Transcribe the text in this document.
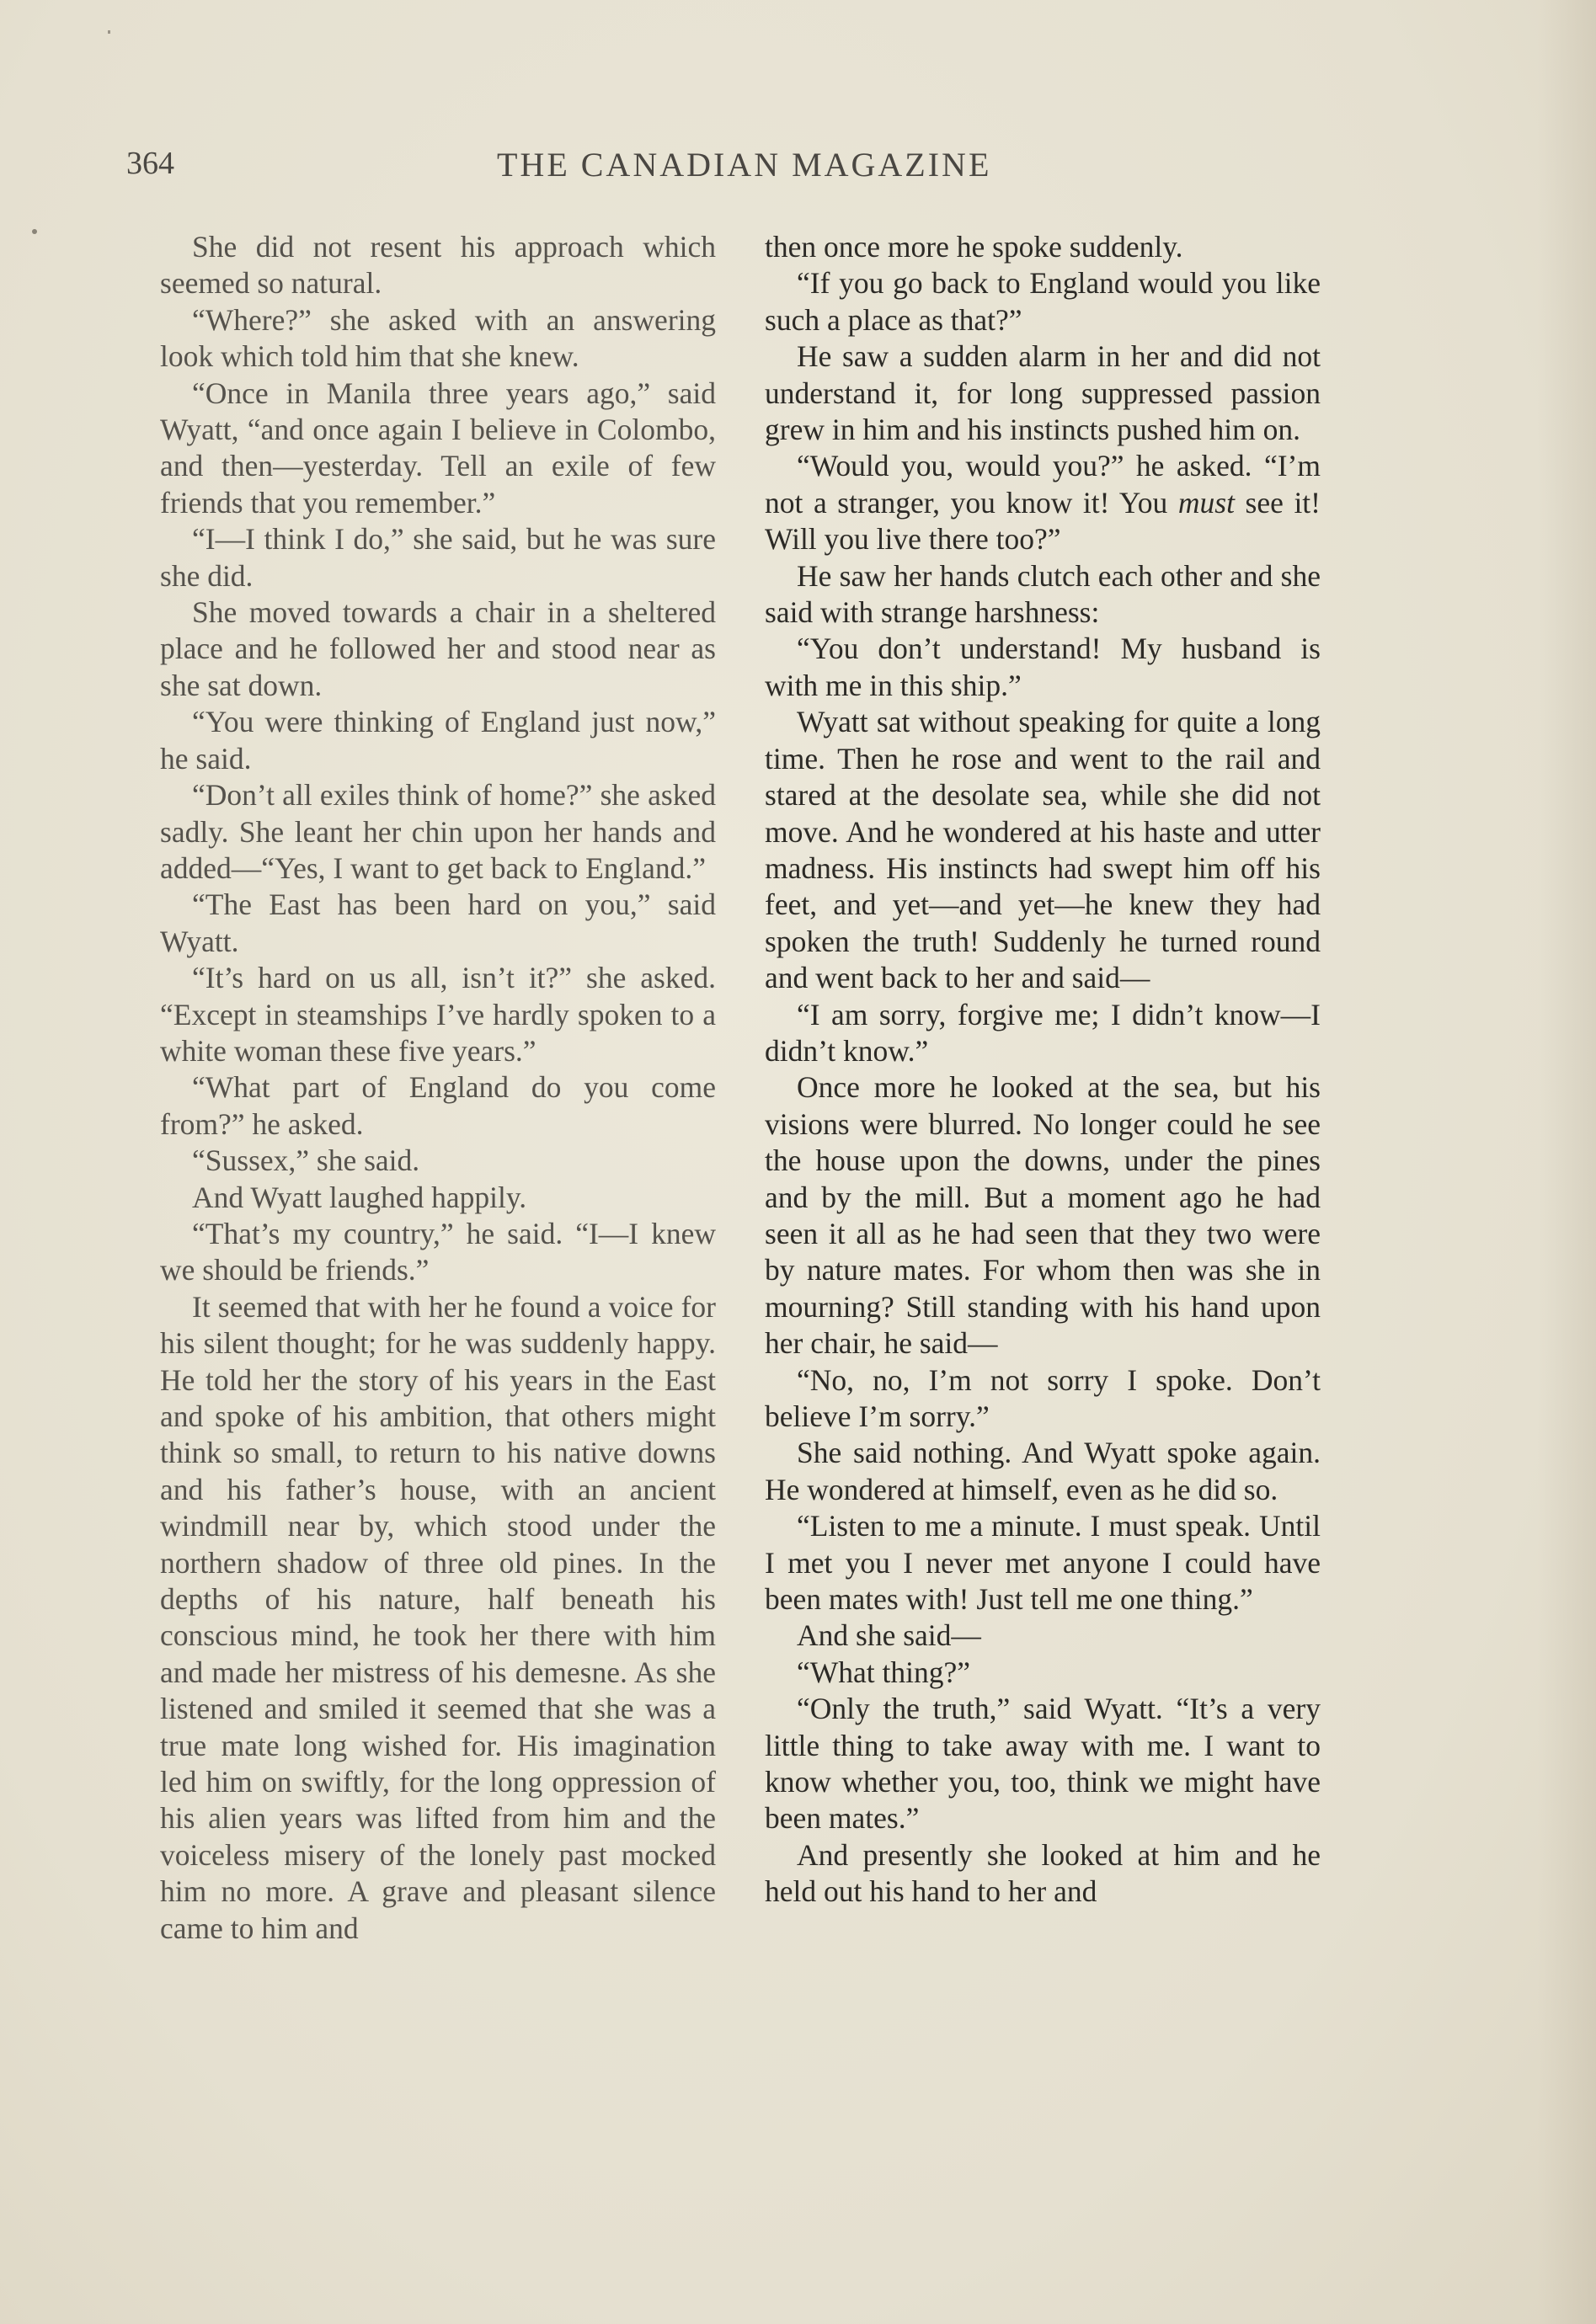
364	THE CANADIAN MAGAZINE

She did not resent his approach which seemed so natural.

“Where?” she asked with an answering look which told him that she knew.

“Once in Manila three years ago,” said Wyatt, “and once again I believe in Colombo, and then—yesterday. Tell an exile of few friends that you remember.”

“I—I think I do,” she said, but he was sure she did.

She moved towards a chair in a sheltered place and he followed her and stood near as she sat down.

“You were thinking of England just now,” he said.

“Don’t all exiles think of home?” she asked sadly. She leant her chin upon her hands and added—“Yes, I want to get back to England.”

“The East has been hard on you,” said Wyatt.

“It’s hard on us all, isn’t it?” she asked. “Except in steamships I’ve hardly spoken to a white woman these five years.”

“What part of England do you come from?” he asked.

“Sussex,” she said.

And Wyatt laughed happily.

“That’s my country,” he said. “I—I knew we should be friends.”

It seemed that with her he found a voice for his silent thought; for he was suddenly happy. He told her the story of his years in the East and spoke of his ambition, that others might think so small, to return to his native downs and his father’s house, with an ancient windmill near by, which stood under the northern shadow of three old pines. In the depths of his nature, half beneath his conscious mind, he took her there with him and made her mistress of his demesne. As she listened and smiled it seemed that she was a true mate long wished for. His imagination led him on swiftly, for the long oppression of his alien years was lifted from him and the voiceless misery of the lonely past mocked him no more. A grave and pleasant silence came to him and

then once more he spoke suddenly.

“If you go back to England would you like such a place as that?”

He saw a sudden alarm in her and did not understand it, for long suppressed passion grew in him and his instincts pushed him on.

“Would you, would you?” he asked. “I’m not a stranger, you know it! You must see it! Will you live there too?”

He saw her hands clutch each other and she said with strange harshness:

“You don’t understand! My husband is with me in this ship.”

Wyatt sat without speaking for quite a long time. Then he rose and went to the rail and stared at the desolate sea, while she did not move. And he wondered at his haste and utter madness. His instincts had swept him off his feet, and yet—and yet—he knew they had spoken the truth! Suddenly he turned round and went back to her and said—

“I am sorry, forgive me; I didn’t know—I didn’t know.”

Once more he looked at the sea, but his visions were blurred. No longer could he see the house upon the downs, under the pines and by the mill. But a moment ago he had seen it all as he had seen that they two were by nature mates. For whom then was she in mourning? Still standing with his hand upon her chair, he said—

“No, no, I’m not sorry I spoke. Don’t believe I’m sorry.”

She said nothing. And Wyatt spoke again. He wondered at himself, even as he did so.

“Listen to me a minute. I must speak. Until I met you I never met anyone I could have been mates with! Just tell me one thing.”

And she said—

“What thing?”

“Only the truth,” said Wyatt. “It’s a very little thing to take away with me. I want to know whether you, too, think we might have been mates.”

And presently she looked at him and he held out his hand to her and
